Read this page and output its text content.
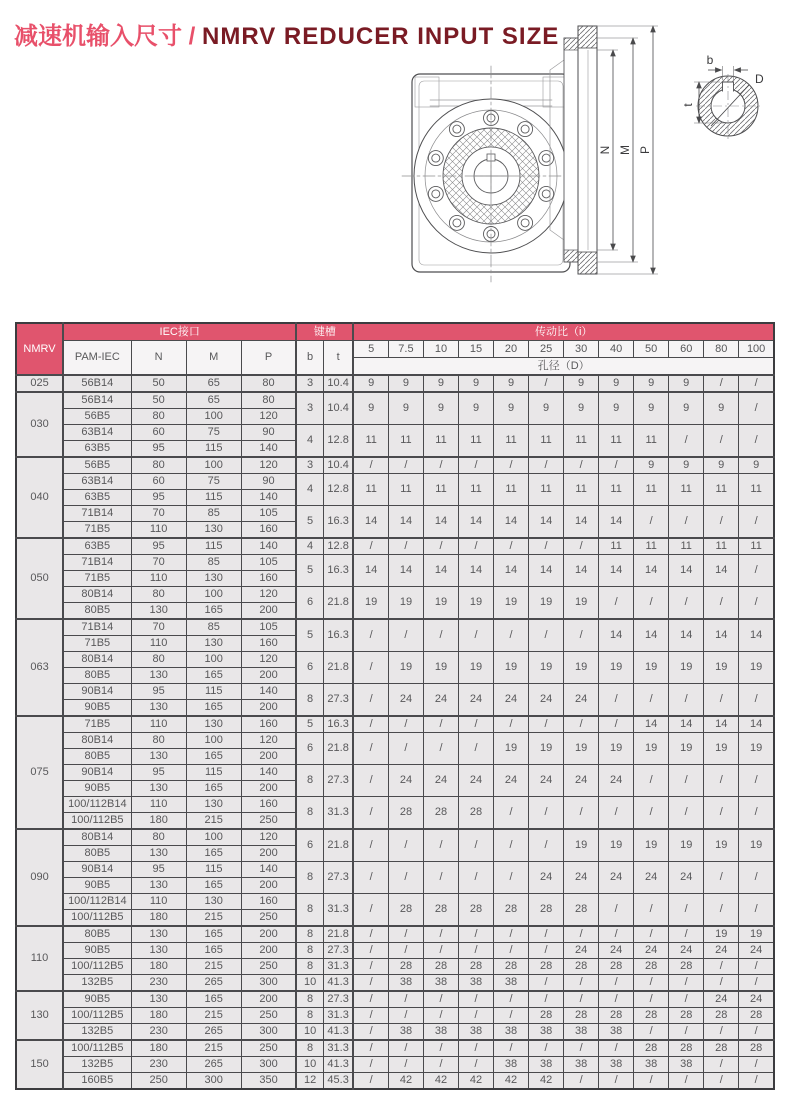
减速机输入尺寸 / NMRV REDUCER INPUT SIZE
N M P
b
t
D
NMRV	IEC接口				键槽		传动比（i）											
	PAM-IEC	N	M	P	b	t	5	7.5	10	15	20	25	30	40	50	60	80	100
							孔径（D）											
025	56B14	50	65	80	3	10.4	9	9	9	9	9	/	9	9	9	9	/	/
030	56B14	50	65	80	3	10.4	9	9	9	9	9	9	9	9	9	9	9	/
	56B5	80	100	120														
	63B14	60	75	90	4	12.8	11	11	11	11	11	11	11	11	11	/	/	/
	63B5	95	115	140														
040	56B5	80	100	120	3	10.4	/	/	/	/	/	/	/	/	9	9	9	9
	63B14	60	75	90	4	12.8	11	11	11	11	11	11	11	11	11	11	11	11
	63B5	95	115	140														
	71B14	70	85	105	5	16.3	14	14	14	14	14	14	14	14	/	/	/	/
	71B5	110	130	160														
050	63B5	95	115	140	4	12.8	/	/	/	/	/	/	/	11	11	11	11	11
	71B14	70	85	105	5	16.3	14	14	14	14	14	14	14	14	14	14	14	/
	71B5	110	130	160														
	80B14	80	100	120	6	21.8	19	19	19	19	19	19	19	/	/	/	/	/
	80B5	130	165	200														
063	71B14	70	85	105	5	16.3	/	/	/	/	/	/	/	14	14	14	14	14
	71B5	110	130	160														
	80B14	80	100	120	6	21.8	/	19	19	19	19	19	19	19	19	19	19	19
	80B5	130	165	200														
	90B14	95	115	140	8	27.3	/	24	24	24	24	24	24	/	/	/	/	/
	90B5	130	165	200														
075	71B5	110	130	160	5	16.3	/	/	/	/	/	/	/	/	14	14	14	14
	80B14	80	100	120	6	21.8	/	/	/	/	19	19	19	19	19	19	19	19
	80B5	130	165	200														
	90B14	95	115	140	8	27.3	/	24	24	24	24	24	24	24	/	/	/	/
	90B5	130	165	200														
	100/112B14	110	130	160	8	31.3	/	28	28	28	/	/	/	/	/	/	/	/
	100/112B5	180	215	250														
090	80B14	80	100	120	6	21.8	/	/	/	/	/	/	19	19	19	19	19	19
	80B5	130	165	200														
	90B14	95	115	140	8	27.3	/	/	/	/	/	24	24	24	24	24	/	/
	90B5	130	165	200														
	100/112B14	110	130	160	8	31.3	/	28	28	28	28	28	28	/	/	/	/	/
	100/112B5	180	215	250														
110	80B5	130	165	200	8	21.8	/	/	/	/	/	/	/	/	/	/	19	19
	90B5	130	165	200	8	27.3	/	/	/	/	/	/	24	24	24	24	24	24
	100/112B5	180	215	250	8	31.3	/	28	28	28	28	28	28	28	28	28	/	/
	132B5	230	265	300	10	41.3	/	38	38	38	38	/	/	/	/	/	/	/
130	90B5	130	165	200	8	27.3	/	/	/	/	/	/	/	/	/	/	24	24
	100/112B5	180	215	250	8	31.3	/	/	/	/	/	28	28	28	28	28	28	28
	132B5	230	265	300	10	41.3	/	38	38	38	38	38	38	38	/	/	/	/
150	100/112B5	180	215	250	8	31.3	/	/	/	/	/	/	/	/	28	28	28	28
	132B5	230	265	300	10	41.3	/	/	/	/	38	38	38	38	38	38	/	/
	160B5	250	300	350	12	45.3	/	42	42	42	42	42	/	/	/	/	/	/
